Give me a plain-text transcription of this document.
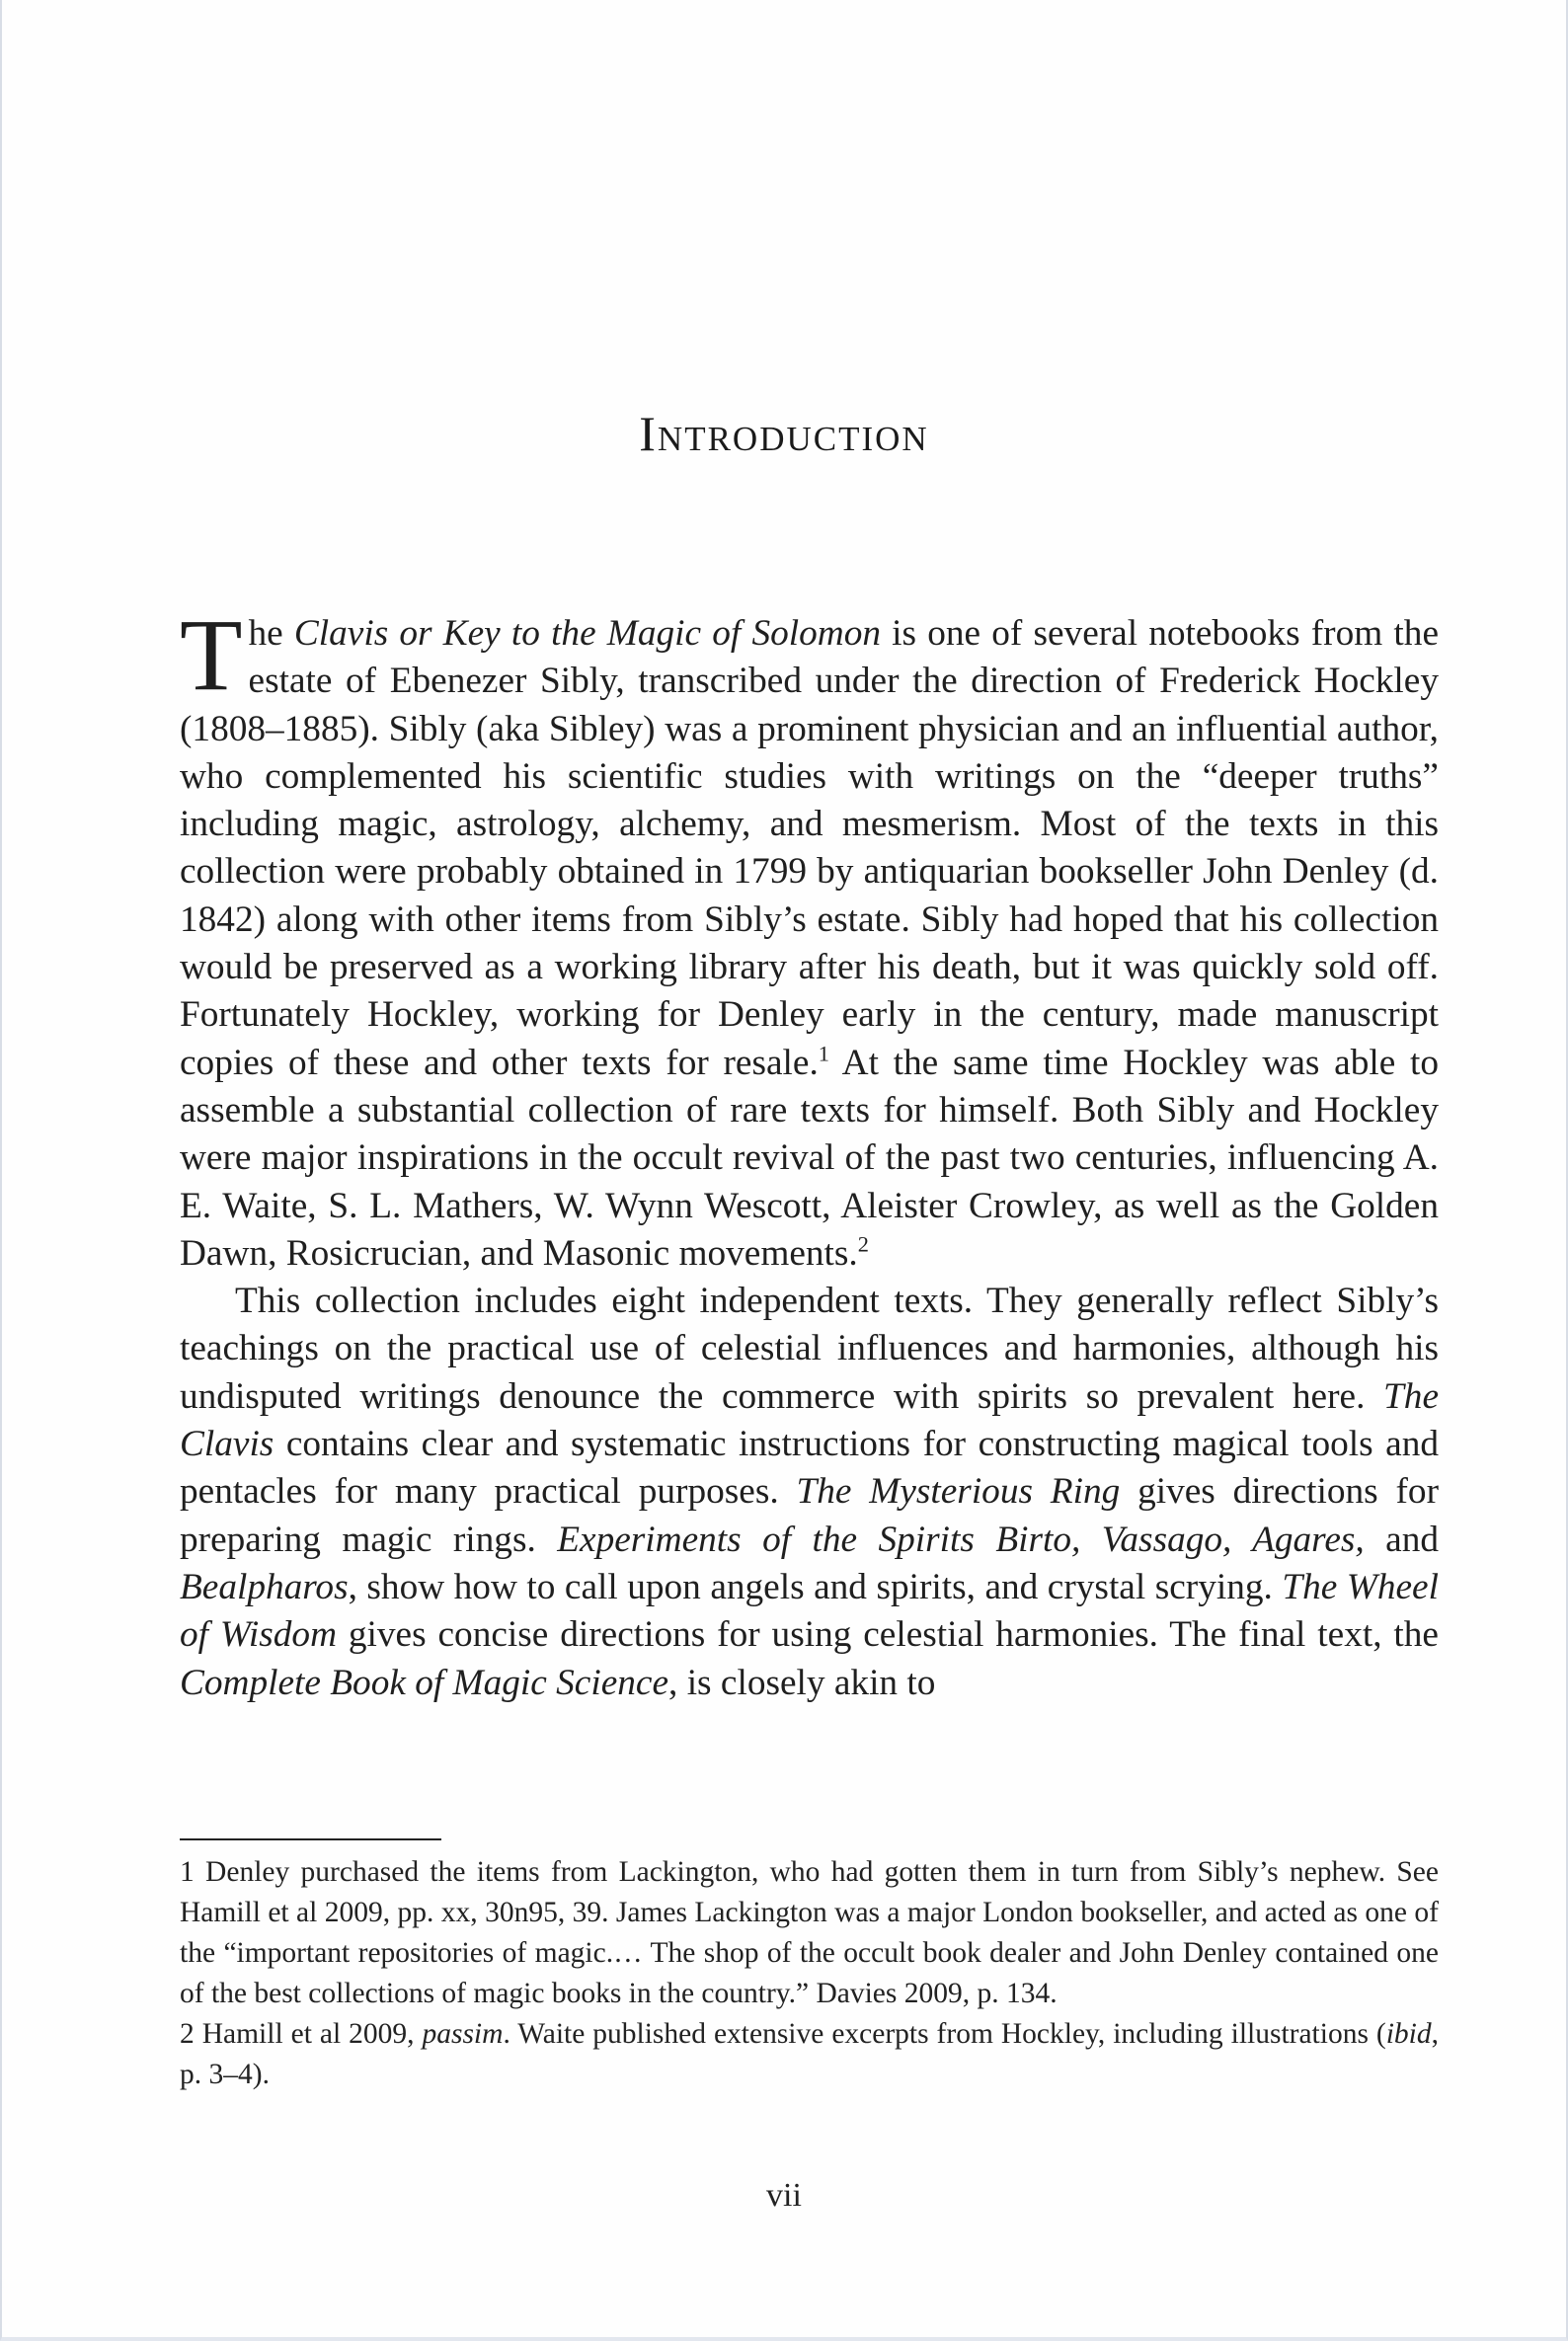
Introduction

The Clavis or Key to the Magic of Solomon is one of several notebooks from the estate of Ebenezer Sibly, transcribed under the direction of Frederick Hockley (1808–1885). Sibly (aka Sibley) was a prominent physician and an influential author, who complemented his scientific studies with writings on the “deeper truths” including magic, astrology, alchemy, and mesmerism. Most of the texts in this collection were probably obtained in 1799 by antiquarian bookseller John Denley (d. 1842) along with other items from Sibly’s estate. Sibly had hoped that his collection would be preserved as a working library after his death, but it was quickly sold off. Fortunately Hockley, working for Denley early in the century, made manuscript copies of these and other texts for resale.$^1$ At the same time Hockley was able to assemble a substantial collection of rare texts for himself. Both Sibly and Hockley were major inspirations in the occult revival of the past two centuries, influencing A. E. Waite, S. L. Mathers, W. Wynn Wescott, Aleister Crowley, as well as the Golden Dawn, Rosicrucian, and Masonic movements.$^2$

This collection includes eight independent texts. They generally reflect Sibly’s teachings on the practical use of celestial influences and harmonies, although his undisputed writings denounce the commerce with spirits so prevalent here. The Clavis contains clear and systematic instructions for constructing magical tools and pentacles for many practical purposes. The Mysterious Ring gives directions for preparing magic rings. Experiments of the Spirits Birto, Vassago, Agares, and Bealpharos, show how to call upon angels and spirits, and crystal scrying. The Wheel of Wisdom gives concise directions for using celestial harmonies. The final text, the Complete Book of Magic Science, is closely akin to

1 Denley purchased the items from Lackington, who had gotten them in turn from Sibly’s nephew. See Hamill et al 2009, pp. xx, 30n95, 39. James Lackington was a major London bookseller, and acted as one of the “important repositories of magic.… The shop of the occult book dealer and John Denley contained one of the best collections of magic books in the country.” Davies 2009, p. 134.

2 Hamill et al 2009, passim. Waite published extensive excerpts from Hockley, including illustrations (ibid, p. 3–4).

vii
